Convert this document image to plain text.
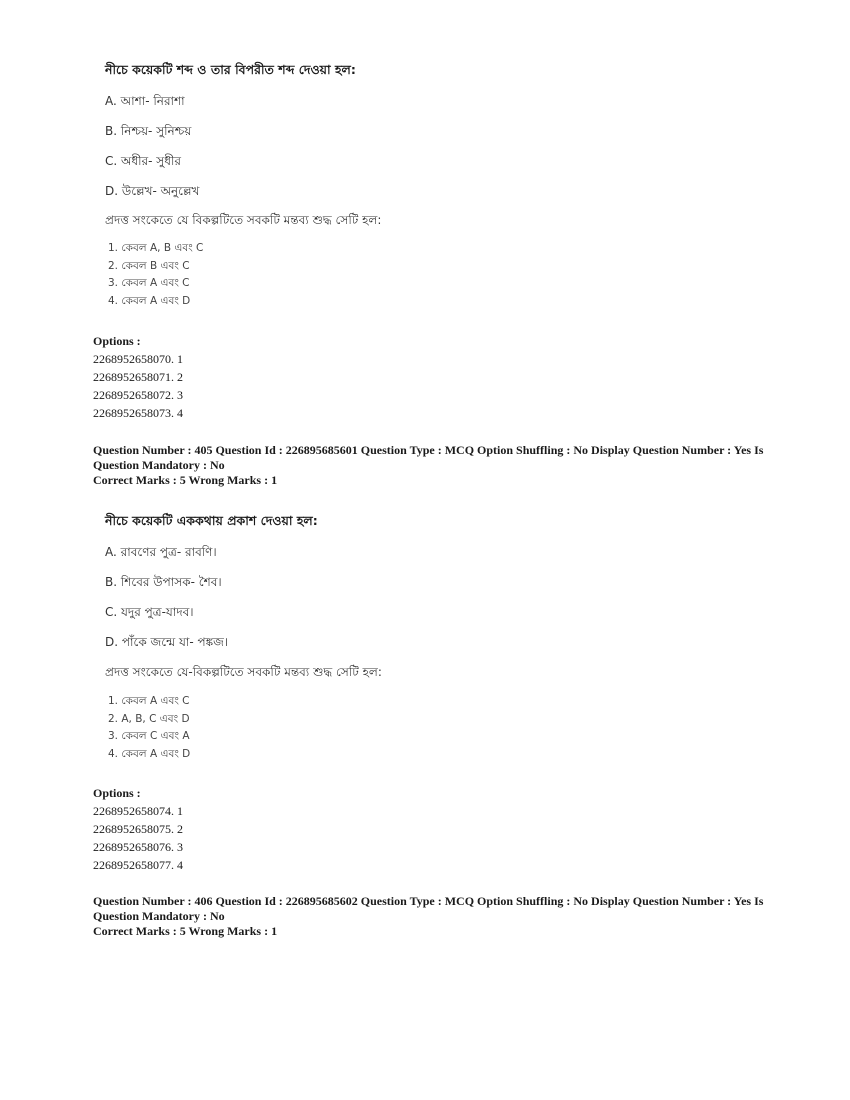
নীচে কয়েকটি শব্দ ও তার বিপরীত শব্দ দেওয়া হল:

A. আশা- নিরাশা

B. নিশ্চয়- সুনিশ্চয়

C. অধীর- সুধীর

D. উল্লেখ- অনুল্লেখ

প্রদত্ত সংকেতে যে বিকল্পটিতে সবকটি মন্তব্য শুদ্ধ সেটি হল:

1. কেবল A, B এবং C
2. কেবল B এবং C
3. কেবল A এবং C
4. কেবল A এবং D
Options :
2268952658070. 1
2268952658071. 2
2268952658072. 3
2268952658073. 4
Question Number : 405 Question Id : 226895685601 Question Type : MCQ Option Shuffling : No Display Question Number : Yes Is
Question Mandatory : No
Correct Marks : 5 Wrong Marks : 1

নীচে কয়েকটি এককথায় প্রকাশ দেওয়া হল:

A. রাবণের পুত্র- রাবণি।

B. শিবের উপাসক- শৈব।

C. যদুর পুত্র-যাদব।

D. পাঁকে জন্মে যা- পঙ্কজ।

প্রদত্ত সংকেতে যে-বিকল্পটিতে সবকটি মন্তব্য শুদ্ধ সেটি হল:

1. কেবল A এবং C
2. A, B, C এবং D
3. কেবল C এবং A
4. কেবল A এবং D
Options :
2268952658074. 1
2268952658075. 2
2268952658076. 3
2268952658077. 4
Question Number : 406 Question Id : 226895685602 Question Type : MCQ Option Shuffling : No Display Question Number : Yes Is
Question Mandatory : No
Correct Marks : 5 Wrong Marks : 1
